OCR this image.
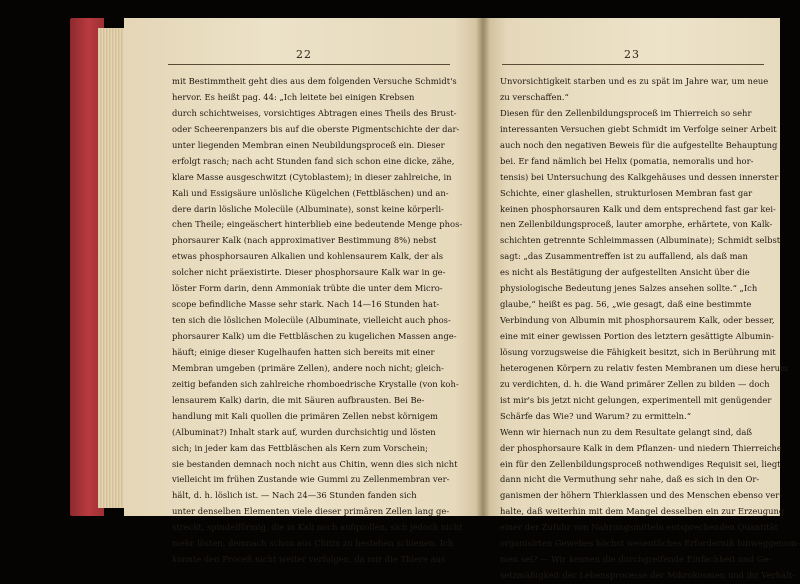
22
mit Bestimmtheit geht dies aus dem folgenden Versuche Schmidt's
hervor. Es heißt pag. 44: „Ich leitete bei einigen Krebsen
durch schichtweises, vorsichtiges Abtragen eines Theils des Brust-
oder Scheerenpanzers bis auf die oberste Pigmentschichte der dar-
unter liegenden Membran einen Neubildungsproceß ein. Dieser
erfolgt rasch; nach acht Stunden fand sich schon eine dicke, zähe,
klare Masse ausgeschwitzt (Cytoblastem); in dieser zahlreiche, in
Kali und Essigsäure unlösliche Kügelchen (Fettbläschen) und an-
dere darin lösliche Molecüle (Albuminate), sonst keine körperli-
chen Theile; eingeäschert hinterblieb eine bedeutende Menge phos-
phorsaurer Kalk (nach approximativer Bestimmung 8%) nebst
etwas phosphorsauren Alkalien und kohlensaurem Kalk, der als
solcher nicht präexistirte. Dieser phosphorsaure Kalk war in ge-
löster Form darin, denn Ammoniak trübte die unter dem Micro-
scope befindliche Masse sehr stark. Nach 14—16 Stunden hat-
ten sich die löslichen Molecüle (Albuminate, vielleicht auch phos-
phorsaurer Kalk) um die Fettbläschen zu kugelichen Massen ange-
häuft; einige dieser Kugelhaufen hatten sich bereits mit einer
Membran umgeben (primäre Zellen), andere noch nicht; gleich-
zeitig befanden sich zahlreiche rhomboedrische Krystalle (von koh-
lensaurem Kalk) darin, die mit Säuren aufbrausten. Bei Be-
handlung mit Kali quollen die primären Zellen nebst körnigem
(Albuminat?) Inhalt stark auf, wurden durchsichtig und lösten
sich; in jeder kam das Fettbläschen als Kern zum Vorschein;
sie bestanden demnach noch nicht aus Chitin, wenn dies sich nicht
vielleicht im frühen Zustande wie Gummi zu Zellenmembran ver-
hält, d. h. löslich ist. — Nach 24—36 Stunden fanden sich
unter denselben Elementen viele dieser primären Zellen lang ge-
streckt, spindelförmig, die in Kali noch aufquollen, sich jedoch nicht
mehr lösten, demnach schon aus Chitin zu bestehen schienen. Ich
konnte den Proceß nicht weiter verfolgen, da mir die Thiere aus
23
Unvorsichtigkeit starben und es zu spät im Jahre war, um neue
zu verschaffen.“
Diesen für den Zellenbildungsproceß im Thierreich so sehr
interessanten Versuchen giebt Schmidt im Verfolge seiner Arbeit
auch noch den negativen Beweis für die aufgestellte Behauptung
bei. Er fand nämlich bei Helix (pomatia, nemoralis und hor-
tensis) bei Untersuchung des Kalkgehäuses und dessen innerster
Schichte, einer glashellen, strukturlosen Membran fast gar
keinen phosphorsauren Kalk und dem entsprechend fast gar kei-
nen Zellenbildungsproceß, lauter amorphe, erhärtete, von Kalk-
schichten getrennte Schleimmassen (Albuminate); Schmidt selbst
sagt: „das Zusammentreffen ist zu auffallend, als daß man
es nicht als Bestätigung der aufgestellten Ansicht über die
physiologische Bedeutung jenes Salzes ansehen sollte.“ „Ich
glaube,“ heißt es pag. 56, „wie gesagt, daß eine bestimmte
Verbindung von Albumin mit phosphorsaurem Kalk, oder besser,
eine mit einer gewissen Portion des letztern gesättigte Albumin-
lösung vorzugsweise die Fähigkeit besitzt, sich in Berührung mit
heterogenen Körpern zu relativ festen Membranen um diese herum
zu verdichten, d. h. die Wand primärer Zellen zu bilden — doch
ist mir's bis jetzt nicht gelungen, experimentell mit genügender
Schärfe das Wie? und Warum? zu ermitteln.“
Wenn wir hiernach nun zu dem Resultate gelangt sind, daß
der phosphorsaure Kalk in dem Pflanzen- und niedern Thierreiche
ein für den Zellenbildungsproceß nothwendiges Requisit sei, liegt
dann nicht die Vermuthung sehr nahe, daß es sich in den Or-
ganismen der höhern Thierklassen und des Menschen ebenso ver-
halte, daß weiterhin mit dem Mangel desselben ein zur Erzeugung
einer der Zufuhr von Nahrungsmitteln entsprechenden Quantität
organisirten Gewebes höchst wesentliches Erforderniß hinweggenom-
men sei? — Wir kennen die durchgreifende Einfachheit und Ge-
setzmäßigkeit der Lebensprocesse der Mikrokosmen und ihr Verhält-
